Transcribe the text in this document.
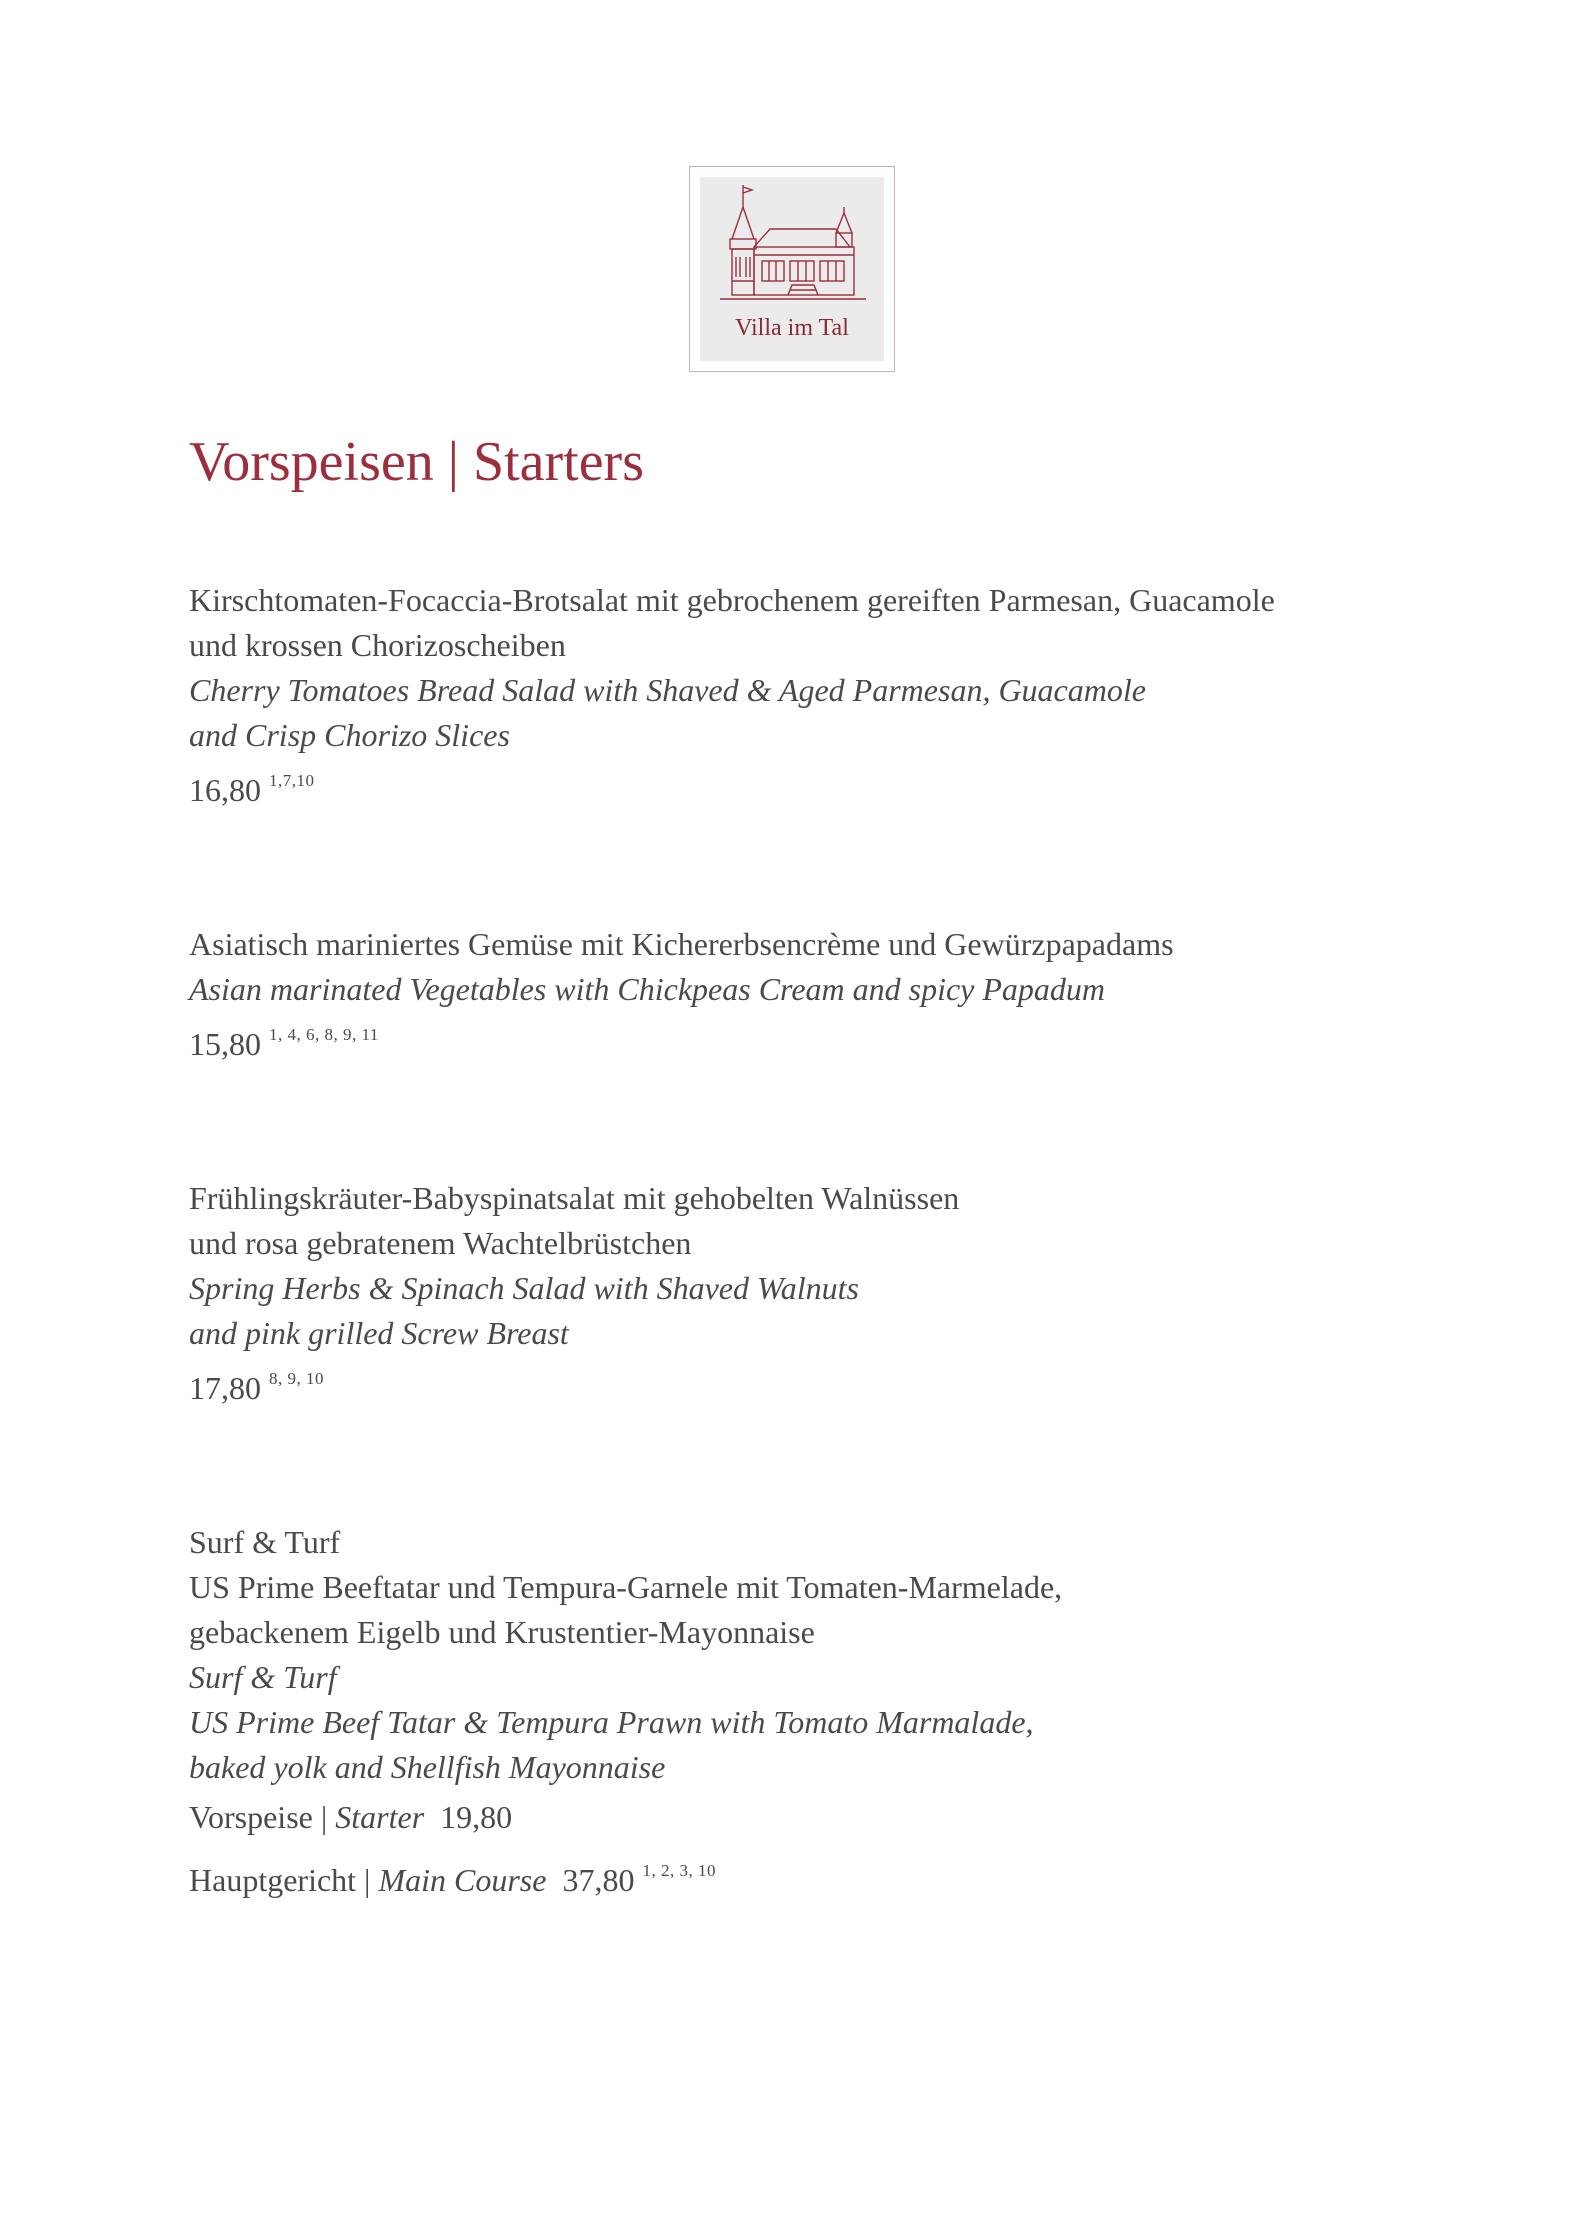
Villa im Tal
Vorspeisen | Starters
Kirschtomaten-Focaccia-Brotsalat mit gebrochenem gereiften Parmesan, Guacamole
und krossen Chorizoscheiben
Cherry Tomatoes Bread Salad with Shaved & Aged Parmesan, Guacamole
and Crisp Chorizo Slices
16,80 $^{1,7,10}$
Asiatisch mariniertes Gemüse mit Kichererbsencrème und Gewürzpapadams
Asian marinated Vegetables with Chickpeas Cream and spicy Papadum
15,80 $^{1, 4, 6, 8, 9, 11}$
Frühlingskräuter-Babyspinatsalat mit gehobelten Walnüssen
und rosa gebratenem Wachtelbrüstchen
Spring Herbs & Spinach Salad with Shaved Walnuts
and pink grilled Screw Breast
17,80 $^{8, 9, 10}$
Surf & Turf
US Prime Beeftatar und Tempura-Garnele mit Tomaten-Marmelade,
gebackenem Eigelb und Krustentier-Mayonnaise
Surf & Turf
US Prime Beef Tatar & Tempura Prawn with Tomato Marmalade,
baked yolk and Shellfish Mayonnaise
Vorspeise | Starter 19,80
Hauptgericht | Main Course 37,80 $^{1, 2, 3, 10}$
